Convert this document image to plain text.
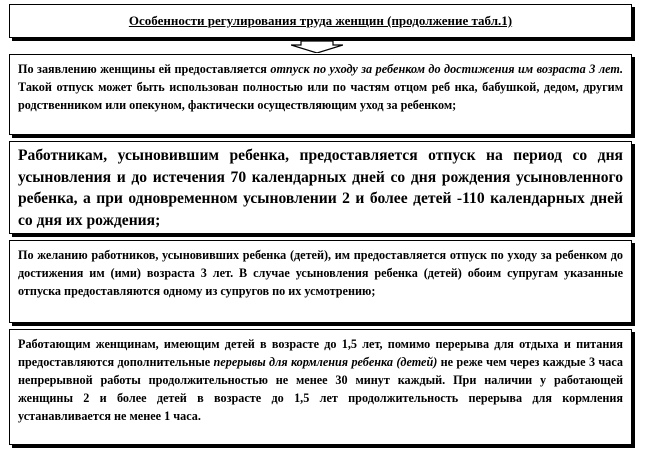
Особенности регулирования труда женщин (продолжение табл.1)
По заявлению женщины ей предоставляется отпуск по уходу за ребенком до достижения им возраста 3 лет. Такой отпуск может быть использован полностью или по частям отцом реб нка, бабушкой, дедом, другим родственником или опекуном, фактически осуществляющим уход за ребенком;
Работникам, усыновившим ребенка, предоставляется отпуск на период со дня усыновления и до истечения 70 календарных дней со дня рождения усыновленного ребенка, а при одновременном усыновлении 2 и более детей -110 календарных дней со дня их рождения;
По желанию работников, усыновивших ребенка (детей), им предоставляется отпуск по уходу за ребенком до достижения им (ими) возраста 3 лет. В случае усыновления ребенка (детей) обоим супругам указанные отпуска предоставляются одному из супругов по их усмотрению;
Работающим женщинам, имеющим детей в возрасте до 1,5 лет, помимо перерыва для отдыха и питания предоставляются дополнительные перерывы для кормления ребенка (детей) не реже чем через каждые 3 часа непрерывной работы продолжительностью не менее 30 минут каждый. При наличии у работающей женщины 2 и более детей в возрасте до 1,5 лет продолжительность перерыва для кормления устанавливается не менее 1 часа.
